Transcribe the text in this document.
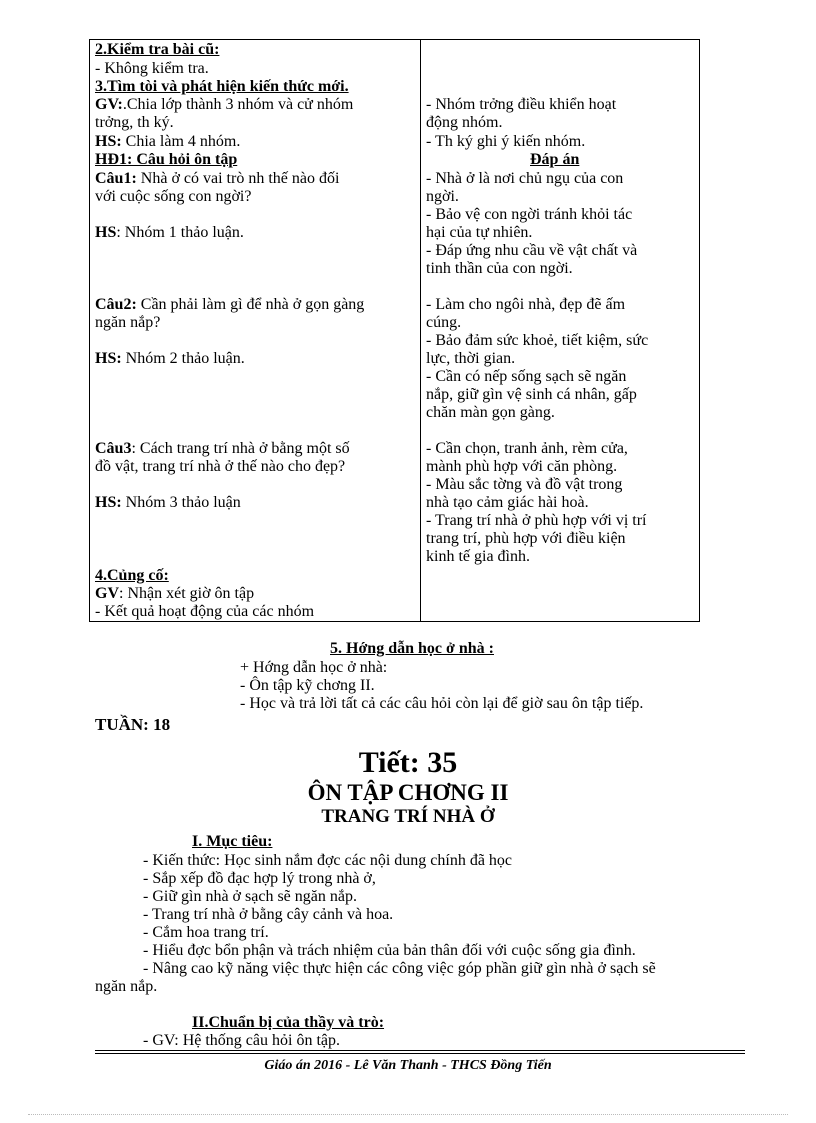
2.Kiểm tra bài cũ:
- Không kiểm tra.
3.Tìm tòi và phát hiện kiến thức mới.
GV:.Chia lớp thành 3 nhóm và cử nhóm
trởng, th ký.
HS: Chia làm 4 nhóm.
HĐ1: Câu hỏi ôn tập
Câu1: Nhà ở có vai trò nh thế nào đối
với cuộc sống con ngời?
HS: Nhóm 1 thảo luận.
Câu2: Cần phải làm gì để nhà ở gọn gàng
ngăn nắp?
HS: Nhóm 2 thảo luận.
Câu3: Cách trang trí nhà ở bằng một số
đồ vật, trang trí nhà ở thế nào cho đẹp?
HS: Nhóm 3 thảo luận
4.Củng cố:
GV: Nhận xét giờ ôn tập
- Kết quả hoạt động của các nhóm
- Nhóm trởng điều khiển hoạt
động nhóm.
- Th ký ghi ý kiến nhóm.
Đáp án
- Nhà ở là nơi chủ ngụ của con
ngời.
- Bảo vệ con ngời tránh khỏi tác
hại của tự nhiên.
- Đáp ứng nhu cầu về vật chất và
tinh thần của con ngời.
- Làm cho ngôi nhà, đẹp đẽ ấm
cúng.
- Bảo đảm sức khoẻ, tiết kiệm, sức
lực, thời gian.
- Cần có nếp sống sạch sẽ ngăn
nắp, giữ gìn vệ sinh cá nhân, gấp
chăn màn gọn gàng.
- Cần chọn, tranh ảnh, rèm cửa,
mành phù hợp với căn phòng.
- Màu sắc tờng và đồ vật trong
nhà tạo cảm giác hài hoà.
- Trang trí nhà ở phù hợp với vị trí
trang trí, phù hợp với điều kiện
kinh tế gia đình.
5. Hớng dẫn học ở nhà :
+ Hớng dẫn học ở nhà:
- Ôn tập kỹ chơng II.
- Học và trả lời tất cả các câu hỏi còn lại để giờ sau ôn tập tiếp.
TUẦN: 18
Tiết: 35
ÔN TẬP CHƠNG II
TRANG TRÍ NHÀ Ở
I. Mục tiêu:
- Kiến thức: Học sinh nắm đợc các nội dung chính đã học
- Sắp xếp đồ đạc hợp lý trong nhà ở,
- Giữ gìn nhà ở sạch sẽ ngăn nắp.
- Trang trí nhà ở bằng cây cảnh và hoa.
- Cắm hoa trang trí.
- Hiểu đợc bổn phận và trách nhiệm của bản thân đối với cuộc sống gia đình.
- Nâng cao kỹ năng việc thực hiện các công việc góp phần giữ gìn nhà ở sạch sẽ
ngăn nắp.
II.Chuẩn bị của thầy và trò:
- GV: Hệ thống câu hỏi ôn tập.
Giáo án 2016 - Lê Văn Thanh - THCS Đồng Tiến
